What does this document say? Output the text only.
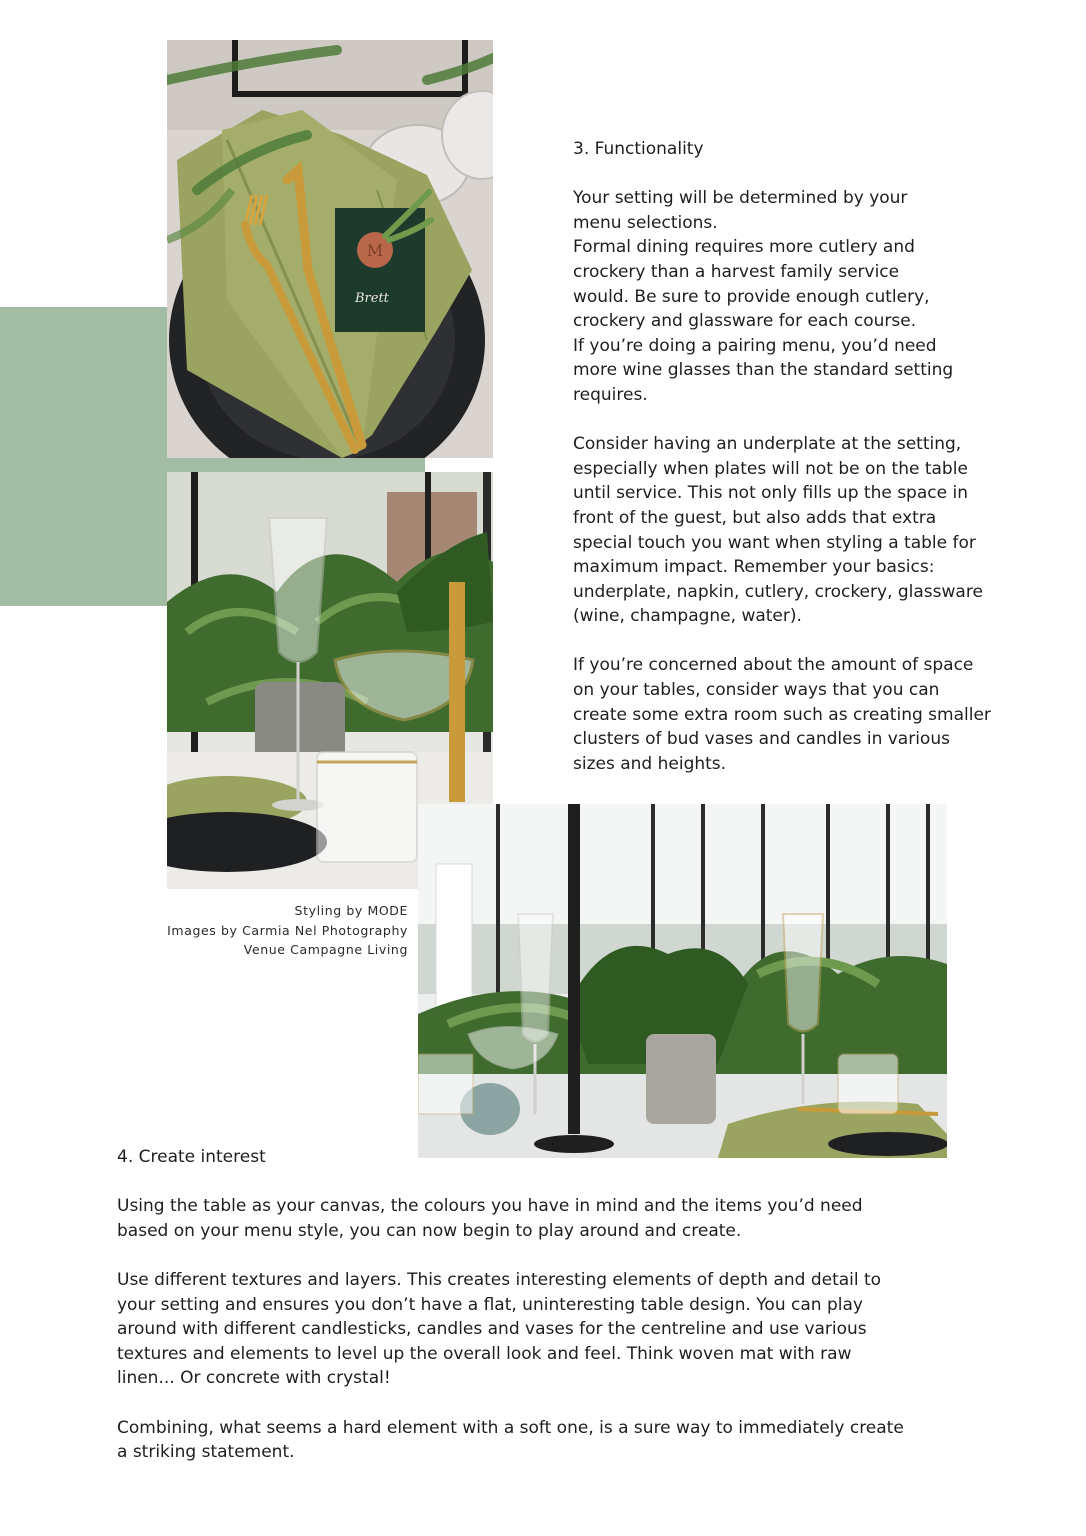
M
Brett
3. Functionality

Your setting will be determined by your menu selections.

Formal dining requires more cutlery and crockery than a harvest family service would. Be sure to provide enough cutlery, crockery and glassware for each course.

If you’re doing a pairing menu, you’d need more wine glasses than the standard setting requires.

Consider having an underplate at the setting, especially when plates will not be on the table until service. This not only fills up the space in front of the guest, but also adds that extra special touch you want when styling a table for maximum impact. Remember your basics: underplate, napkin, cutlery, crockery, glassware (wine, champagne, water).

If you’re concerned about the amount of space on your tables, consider ways that you can create some extra room such as creating smaller clusters of bud vases and candles in various sizes and heights.

Styling by MODE
Images by Carmia Nel Photography
Venue Campagne Living
4. Create interest

Using the table as your canvas, the colours you have in mind and the items you’d need based on your menu style, you can now begin to play around and create.

Use different textures and layers. This creates interesting elements of depth and detail to your setting and ensures you don’t have a flat, uninteresting table design. You can play around with different candlesticks, candles and vases for the centreline and use various textures and elements to level up the overall look and feel. Think woven mat with raw linen... Or concrete with crystal!

Combining, what seems a hard element with a soft one, is a sure way to immediately create a striking statement.
